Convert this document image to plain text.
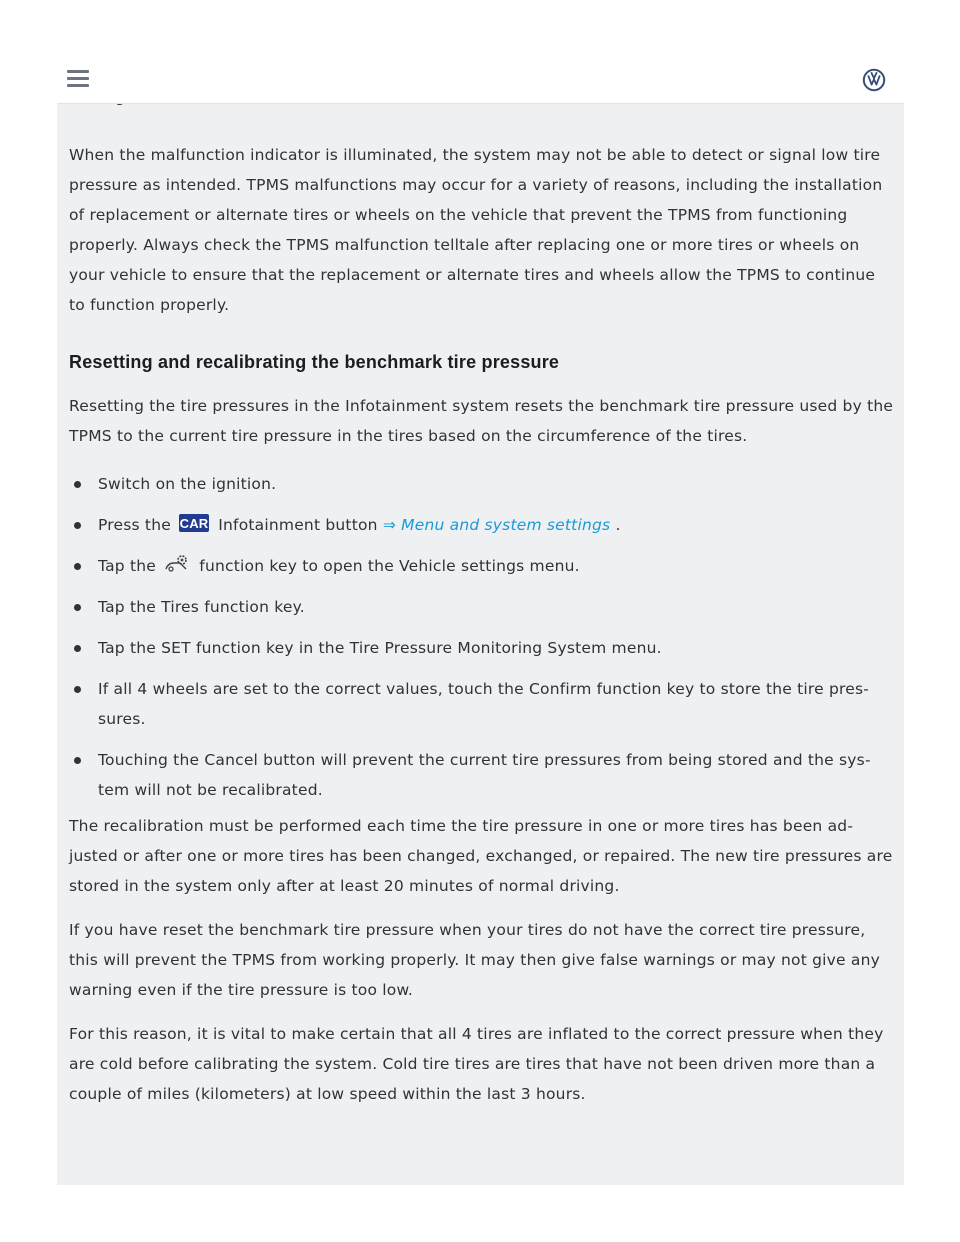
When the malfunction indicator is illuminated, the system may not be able to detect or signal low tire pressure as intended. TPMS malfunctions may occur for a variety of reasons, including the installation of replacement or alternate tires or wheels on the vehicle that prevent the TPMS from functioning properly. Always check the TPMS malfunction telltale after replacing one or more tires or wheels on your vehicle to ensure that the replacement or alternate tires and wheels allow the TPMS to continue to function properly.

Resetting and recalibrating the benchmark tire pressure

Resetting the tire pressures in the Infotainment system resets the benchmark tire pressure used by the TPMS to the current tire pressure in the tires based on the circumference of the tires.

Switch on the ignition.
Press the CAR Infotainment button ⇒ Menu and system settings .
Tap the	function key to open the Vehicle settings menu.
Tap the Tires function key.
Tap the SET function key in the Tire Pressure Monitoring System menu.
If all 4 wheels are set to the correct values, touch the Confirm function key to store the tire pres-sures.
Touching the Cancel button will prevent the current tire pressures from being stored and the sys-tem will not be recalibrated.

The recalibration must be performed each time the tire pressure in one or more tires has been ad-justed or after one or more tires has been changed, exchanged, or repaired. The new tire pressures are stored in the system only after at least 20 minutes of normal driving.

If you have reset the benchmark tire pressure when your tires do not have the correct tire pressure, this will prevent the TPMS from working properly. It may then give false warnings or may not give any warning even if the tire pressure is too low.

For this reason, it is vital to make certain that all 4 tires are inflated to the correct pressure when they are cold before calibrating the system. Cold tire tires are tires that have not been driven more than a couple of miles (kilometers) at low speed within the last 3 hours.
